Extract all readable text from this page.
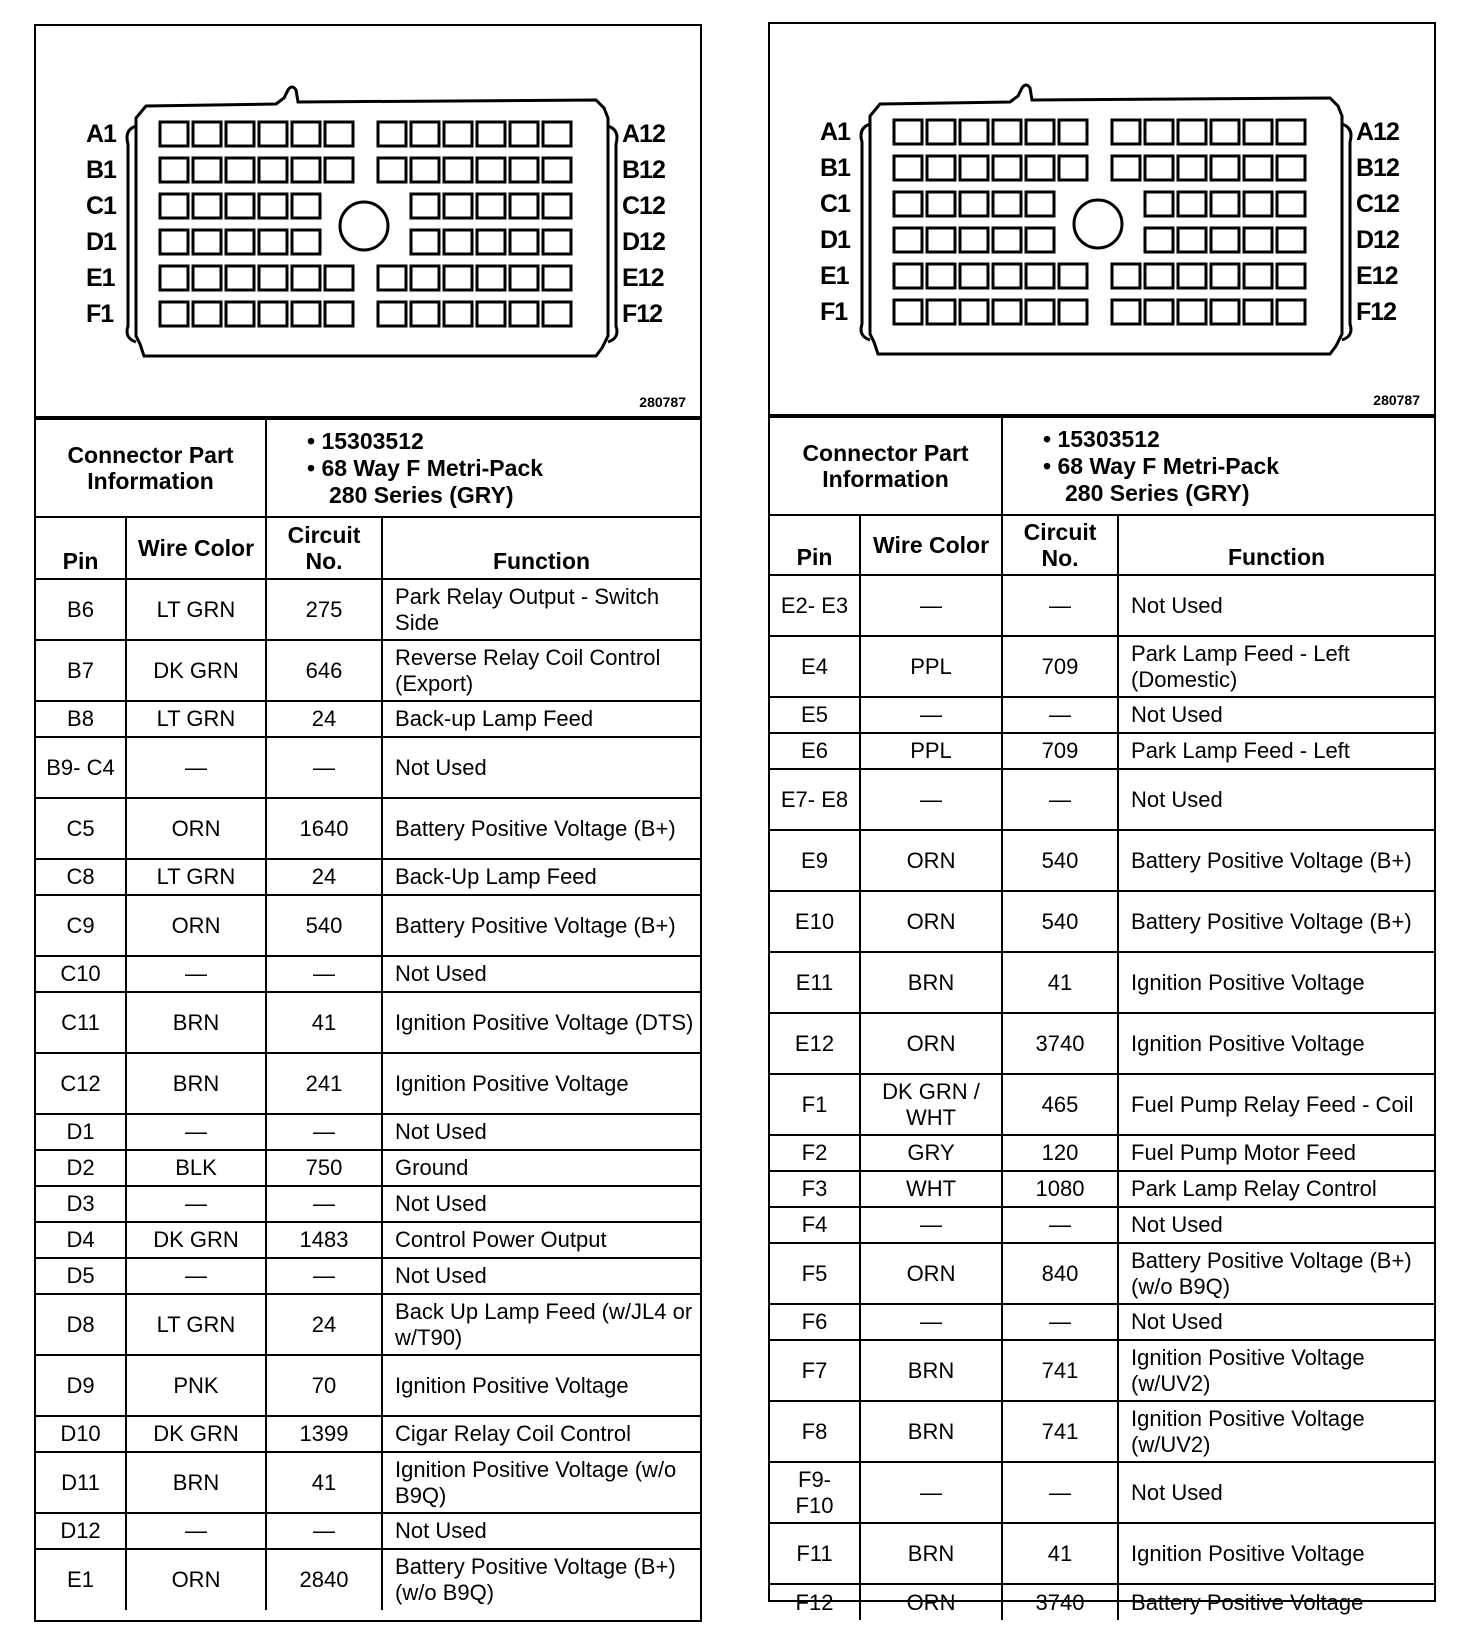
280787
A1
B1
C1
D1
E1
F1
A12
B12
C12
D12
E12
F12
Connector Part Information		• 15303512
• 68 Way F Metri-Pack
280 Series (GRY)	

Pin	Wire Color	Circuit No.	Function
B6	LT GRN	275	Park Relay Output - Switch Side
B7	DK GRN	646	Reverse Relay Coil Control (Export)
B8	LT GRN	24	Back-up Lamp Feed
B9- C4	—	—	Not Used
C5	ORN	1640	Battery Positive Voltage (B+)
C8	LT GRN	24	Back-Up Lamp Feed
C9	ORN	540	Battery Positive Voltage (B+)
C10	—	—	Not Used
C11	BRN	41	Ignition Positive Voltage (DTS)
C12	BRN	241	Ignition Positive Voltage
D1	—	—	Not Used
D2	BLK	750	Ground
D3	—	—	Not Used
D4	DK GRN	1483	Control Power Output
D5	—	—	Not Used
D8	LT GRN	24	Back Up Lamp Feed (w/JL4 or w/T90)
D9	PNK	70	Ignition Positive Voltage
D10	DK GRN	1399	Cigar Relay Coil Control
D11	BRN	41	Ignition Positive Voltage (w/o B9Q)
D12	—	—	Not Used
E1	ORN	2840	Battery Positive Voltage (B+) (w/o B9Q)
280787
A1
B1
C1
D1
E1
F1
A12
B12
C12
D12
E12
F12
Connector Part Information		• 15303512
• 68 Way F Metri-Pack
280 Series (GRY)	

Pin	Wire Color	Circuit No.	Function
E2- E3	—	—	Not Used
E4	PPL	709	Park Lamp Feed - Left (Domestic)
E5	—	—	Not Used
E6	PPL	709	Park Lamp Feed - Left
E7- E8	—	—	Not Used
E9	ORN	540	Battery Positive Voltage (B+)
E10	ORN	540	Battery Positive Voltage (B+)
E11	BRN	41	Ignition Positive Voltage
E12	ORN	3740	Ignition Positive Voltage
F1	DK GRN / WHT	465	Fuel Pump Relay Feed - Coil
F2	GRY	120	Fuel Pump Motor Feed
F3	WHT	1080	Park Lamp Relay Control
F4	—	—	Not Used
F5	ORN	840	Battery Positive Voltage (B+) (w/o B9Q)
F6	—	—	Not Used
F7	BRN	741	Ignition Positive Voltage (w/UV2)
F8	BRN	741	Ignition Positive Voltage (w/UV2)
F9- F10	—	—	Not Used
F11	BRN	41	Ignition Positive Voltage
F12	ORN	3740	Battery Positive Voltage
